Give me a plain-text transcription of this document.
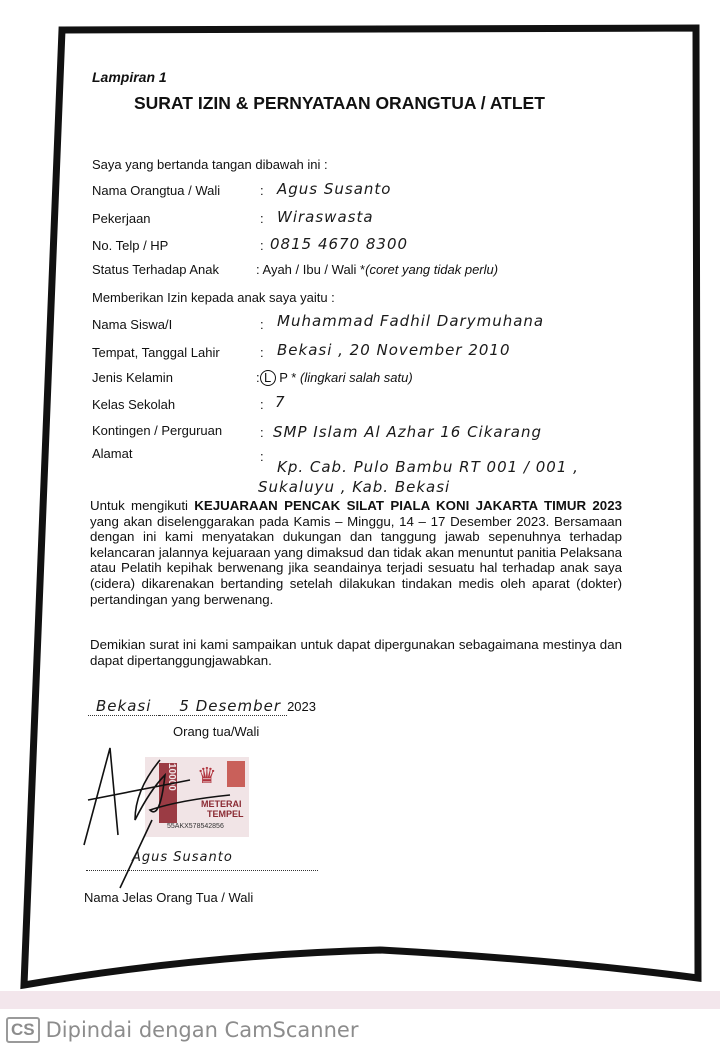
Lampiran 1
SURAT IZIN & PERNYATAAN ORANGTUA / ATLET
Saya yang bertanda tangan dibawah ini :
Nama Orangtua / Wali	: Agus Susanto
Pekerjaan	: Wiraswasta
No. Telp / HP	: 0815 4670 8300
Status Terhadap Anak	: Ayah / Ibu / Wali *(coret yang tidak perlu)
Memberikan Izin kepada anak saya yaitu :
Nama Siswa/I	: Muhammad Fadhil Darymuhana
Tempat, Tanggal Lahir	: Bekasi , 20 November 2010
Jenis Kelamin	: L P * (lingkari salah satu)
Kelas Sekolah	: 7
Kontingen / Perguruan	: SMP Islam Al Azhar 16 Cikarang
Alamat	:
Kp. Cab. Pulo Bambu RT 001 / 001 ,
Sukaluyu , Kab. Bekasi
Untuk mengikuti KEJUARAAN PENCAK SILAT PIALA KONI JAKARTA TIMUR 2023 yang akan diselenggarakan pada Kamis – Minggu, 14 – 17 Desember 2023. Bersamaan dengan ini kami menyatakan dukungan dan tanggung jawab sepenuhnya terhadap kelancaran jalannya kejuaraan yang dimaksud dan tidak akan menuntut panitia Pelaksana atau Pelatih kepihak berwenang jika seandainya terjadi sesuatu hal terhadap anak saya (cidera) dikarenakan bertanding setelah dilakukan tindakan medis oleh aparat (dokter) pertandingan yang berwenang.
Demikian surat ini kami sampaikan untuk dapat dipergunakan sebagaimana mestinya dan dapat dipertanggungjawabkan.
Bekasi 5 Desember 2023
Orang tua/Wali
10000 ♛
METERAI
TEMPEL
55AKX578542856
Agus Susanto
Nama Jelas Orang Tua / Wali
CS Dipindai dengan CamScanner
